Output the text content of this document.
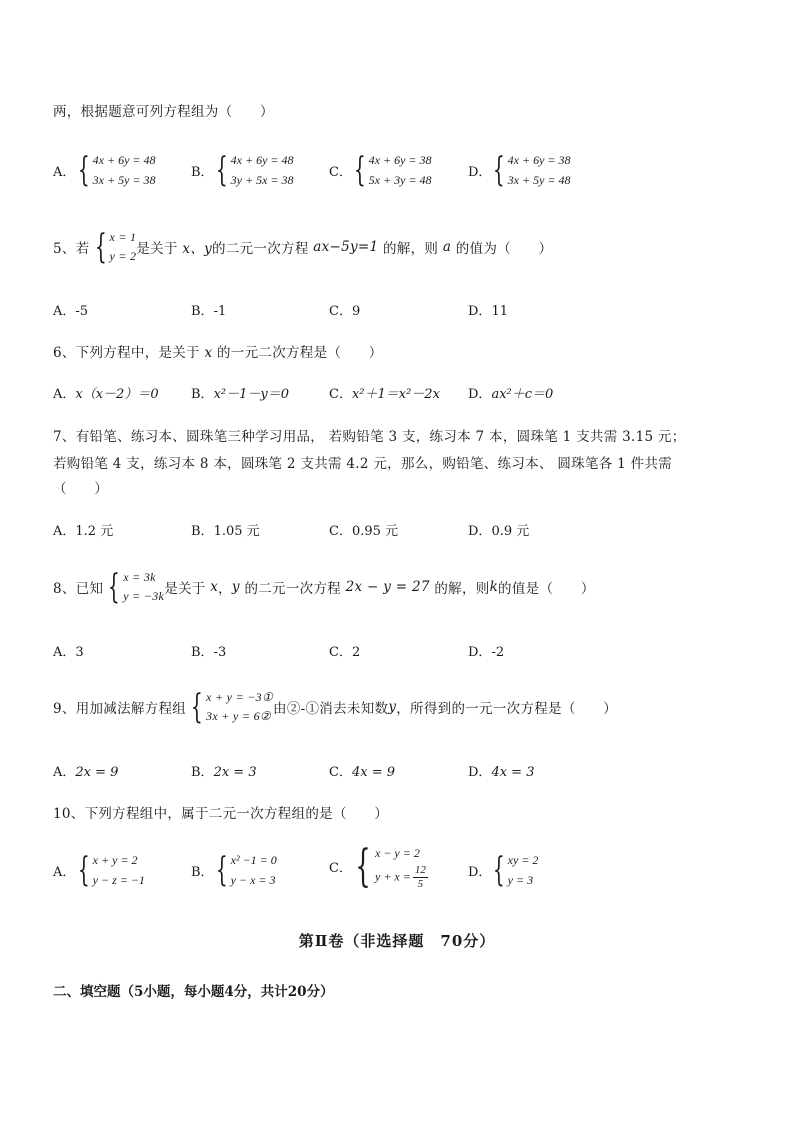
两，根据题意可列方程组为（　　）
A． { 4x + 6y = 48
3x + 5y = 38
B． { 4x + 6y = 48
3y + 5x = 38
C． { 4x + 6y = 38
5x + 3y = 48
D． { 4x + 6y = 38
3x + 5y = 48
5、若 { x = 1
y = 2 是关于
x、y 的二元一次方程
ax−5y=1
的解，则
a
的值为（　　）
A．-5	B．-1	C．9	D．11
6、下列方程中，是关于 x 的一元二次方程是（　　）
A．x（x－2）＝0 B．x²－1－y＝0	C．x²＋1＝x²－2x D．ax²＋c＝0
7、有铅笔、练习本、圆珠笔三种学习用品， 若购铅笔 3 支，练习本 7 本，圆珠笔 1 支共需 3.15 元；
若购铅笔 4 支，练习本 8 本，圆珠笔 2 支共需 4.2 元，那么，购铅笔、练习本、 圆珠笔各 1 件共需
（　　）
A．1.2 元	B．1.05 元	C．0.95 元	D．0.9 元
8、已知 { x = 3k
y = −3k 是关于
x ， y
的二元一次方程
2x − y = 27
的解，则 k 的值是（　　）
A．3	B．-3	C．2	D．-2
9、用加减法解方程组 { x + y = −3①
3x + y = 6② 由②-①消去未知数 y ，所得到的一元一次方程是（　　）
A．2x = 9	B．2x = 3	C．4x = 9	D．4x = 3
10、下列方程组中，属于二元一次方程组的是（　　）
A． { x + y = 2
y − z = −1
B． { x² −1 = 0
y − x = 3
C． { x − y = 2
$y + x = \frac{12}{5}$	D． { xy = 2
y = 3
第Ⅱ卷（非选择题　70分）
二、填空题（5小题，每小题4分，共计20分）
